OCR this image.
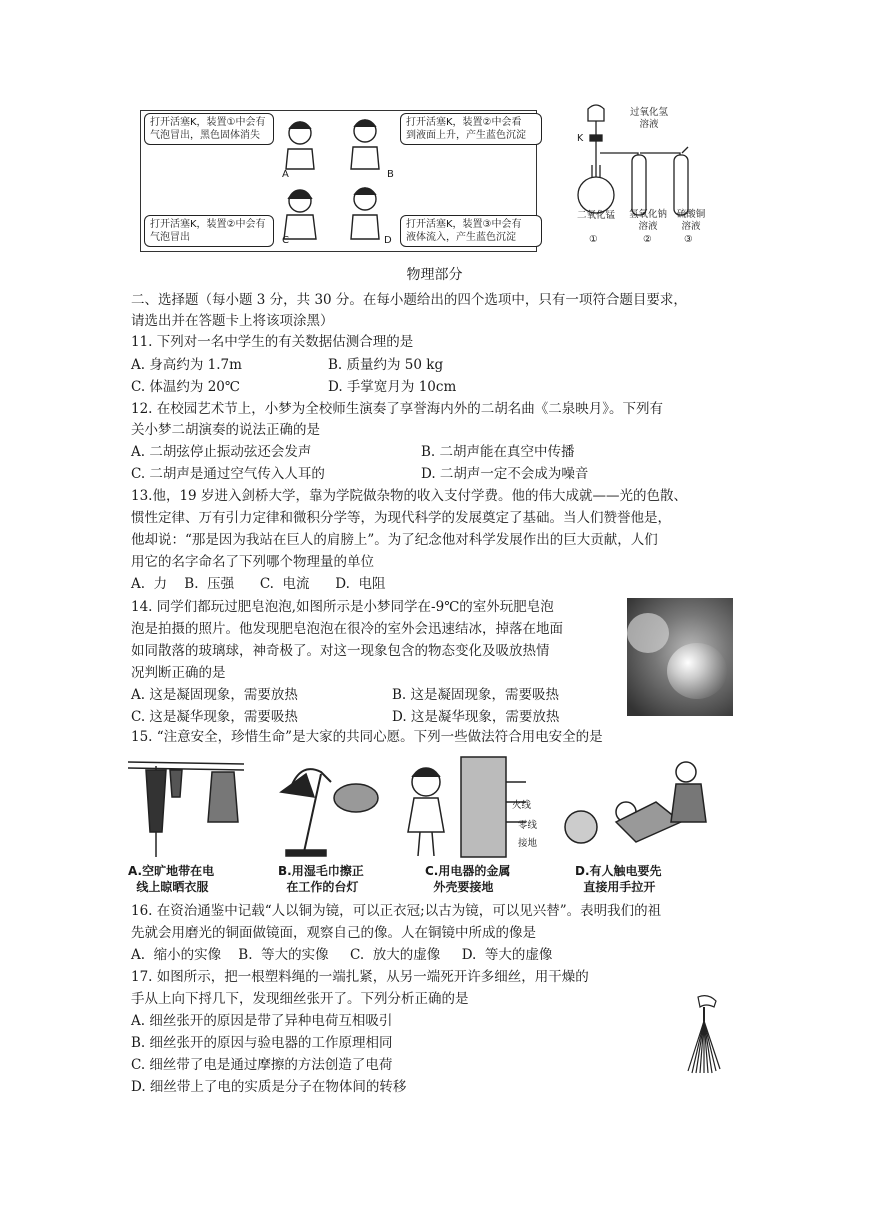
打开活塞K，装置①中会有
气泡冒出，黑色固体消失
打开活塞K，装置②中会看
到液面上升，产生蓝色沉淀
打开活塞K，装置②中会有
气泡冒出
打开活塞K，装置③中会有
液体流入，产生蓝色沉淀
A	B
C	D
过氧化氢
溶液
K
二氧化锰	氢氧化钠
溶液
硫酸铜
溶液
①	②	③
物理部分
二、选择题（每小题 3 分，共 30 分。在每小题给出的四个选项中，只有一项符合题目要求，
请选出并在答题卡上将该项涂黑）
11. 下列对一名中学生的有关数据估测合理的是
A. 身高约为 1.7m	B. 质量约为 50 kg
C. 体温约为 20℃	D. 手掌宽月为 10cm
12. 在校园艺术节上，小梦为全校师生演奏了享誉海内外的二胡名曲《二泉映月》。下列有
关小梦二胡演奏的说法正确的是
A. 二胡弦停止振动弦还会发声	B. 二胡声能在真空中传播
C. 二胡声是通过空气传入人耳的	D. 二胡声一定不会成为噪音
13.他，19 岁进入剑桥大学，靠为学院做杂物的收入支付学费。他的伟大成就——光的色散、
惯性定律、万有引力定律和微积分学等，为现代科学的发展奠定了基础。当人们赞誉他是，
他却说：“那是因为我站在巨人的肩膀上”。为了纪念他对科学发展作出的巨大贡献，人们
用它的名字命名了下列哪个物理量的单位
A.  力    B.  压强      C.  电流      D.  电阻
14. 同学们都玩过肥皂泡泡,如图所示是小梦同学在-9℃的室外玩肥皂泡
泡是拍摄的照片。他发现肥皂泡泡在很冷的室外会迅速结冰，掉落在地面
如同散落的玻璃球，神奇极了。对这一现象包含的物态变化及吸放热情
况判断正确的是
A. 这是凝固现象，需要放热	B. 这是凝固现象，需要吸热
C. 这是凝华现象，需要吸热	D. 这是凝华现象，需要放热
15. “注意安全，珍惜生命”是大家的共同心愿。下列一些做法符合用电安全的是
火线
零线
接地
A.空旷地带在电
线上晾晒衣服
B.用湿毛巾擦正
在工作的台灯
C.用电器的金属
外壳要接地
D.有人触电要先
直接用手拉开
16. 在资治通鉴中记载“人以铜为镜，可以正衣冠;以古为镜，可以见兴替”。表明我们的祖
先就会用磨光的铜面做镜面，观察自己的像。人在铜镜中所成的像是
A.  缩小的实像    B.  等大的实像     C.  放大的虚像     D.  等大的虚像
17. 如图所示，把一根塑料绳的一端扎紧，从另一端死开许多细丝，用干燥的
手从上向下捋几下，发现细丝张开了。下列分析正确的是
A. 细丝张开的原因是带了异种电荷互相吸引
B. 细丝张开的原因与验电器的工作原理相同
C. 细丝带了电是通过摩擦的方法创造了电荷
D. 细丝带上了电的实质是分子在物体间的转移
